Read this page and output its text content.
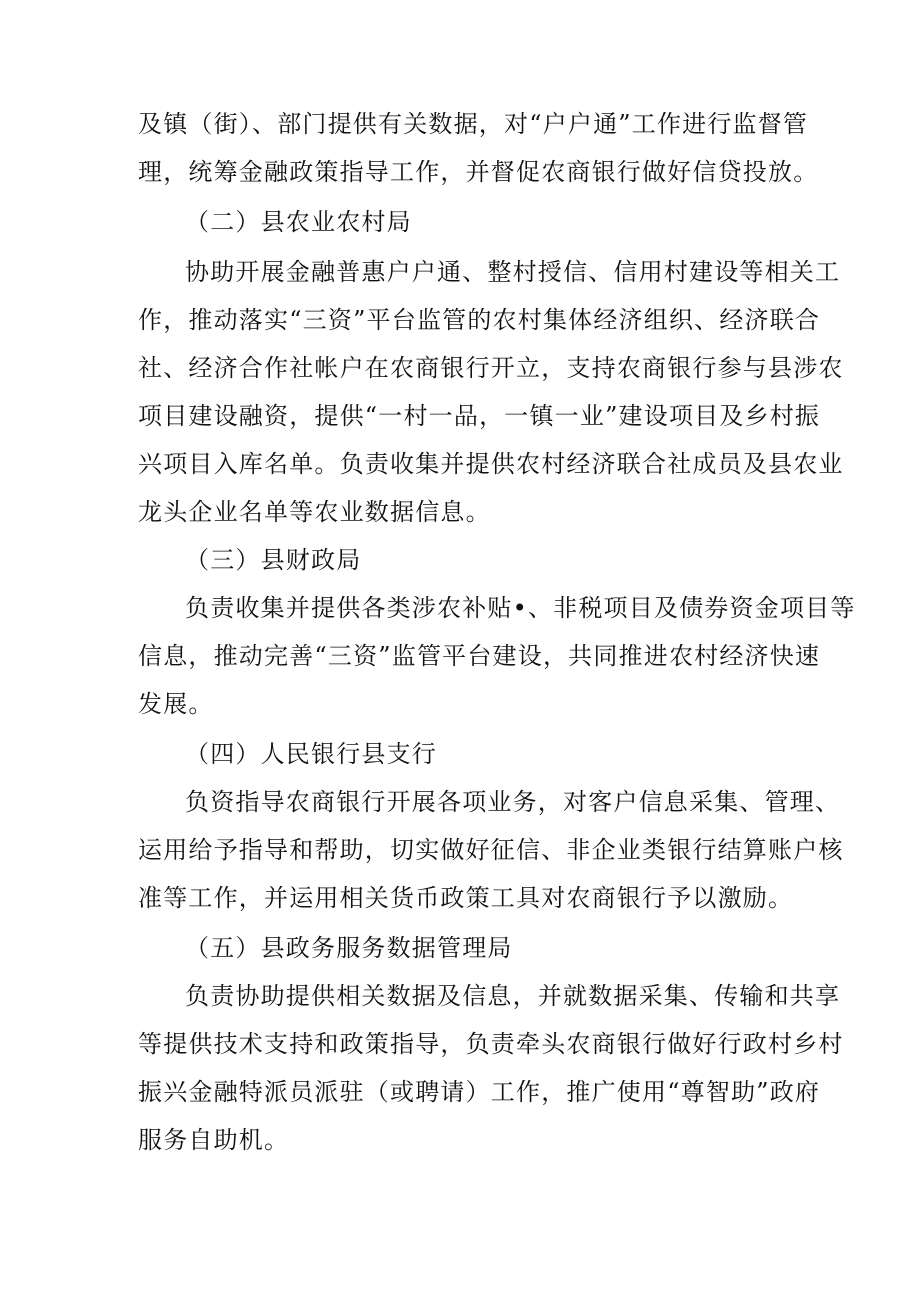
及镇（街）、部门提供有关数据，对“户户通”工作进行监督管
理，统筹金融政策指导工作，并督促农商银行做好信贷投放。
（二）县农业农村局
协助开展金融普惠户户通、整村授信、信用村建设等相关工
作，推动落实“三资”平台监管的农村集体经济组织、经济联合
社、经济合作社帐户在农商银行开立，支持农商银行参与县涉农
项目建设融资，提供“一村一品，一镇一业”建设项目及乡村振
兴项目入库名单。负责收集并提供农村经济联合社成员及县农业
龙头企业名单等农业数据信息。
（三）县财政局
负责收集并提供各类涉农补贴•、非税项目及债券资金项目等
信息，推动完善“三资”监管平台建设，共同推进农村经济快速
发展。
（四）人民银行县支行
负资指导农商银行开展各项业务，对客户信息采集、管理、
运用给予指导和帮助，切实做好征信、非企业类银行结算账户核
准等工作，并运用相关货币政策工具对农商银行予以激励。
（五）县政务服务数据管理局
负责协助提供相关数据及信息，并就数据采集、传输和共享
等提供技术支持和政策指导，负责牵头农商银行做好行政村乡村
振兴金融特派员派驻（或聘请）工作，推广使用“尊智助”政府
服务自助机。
